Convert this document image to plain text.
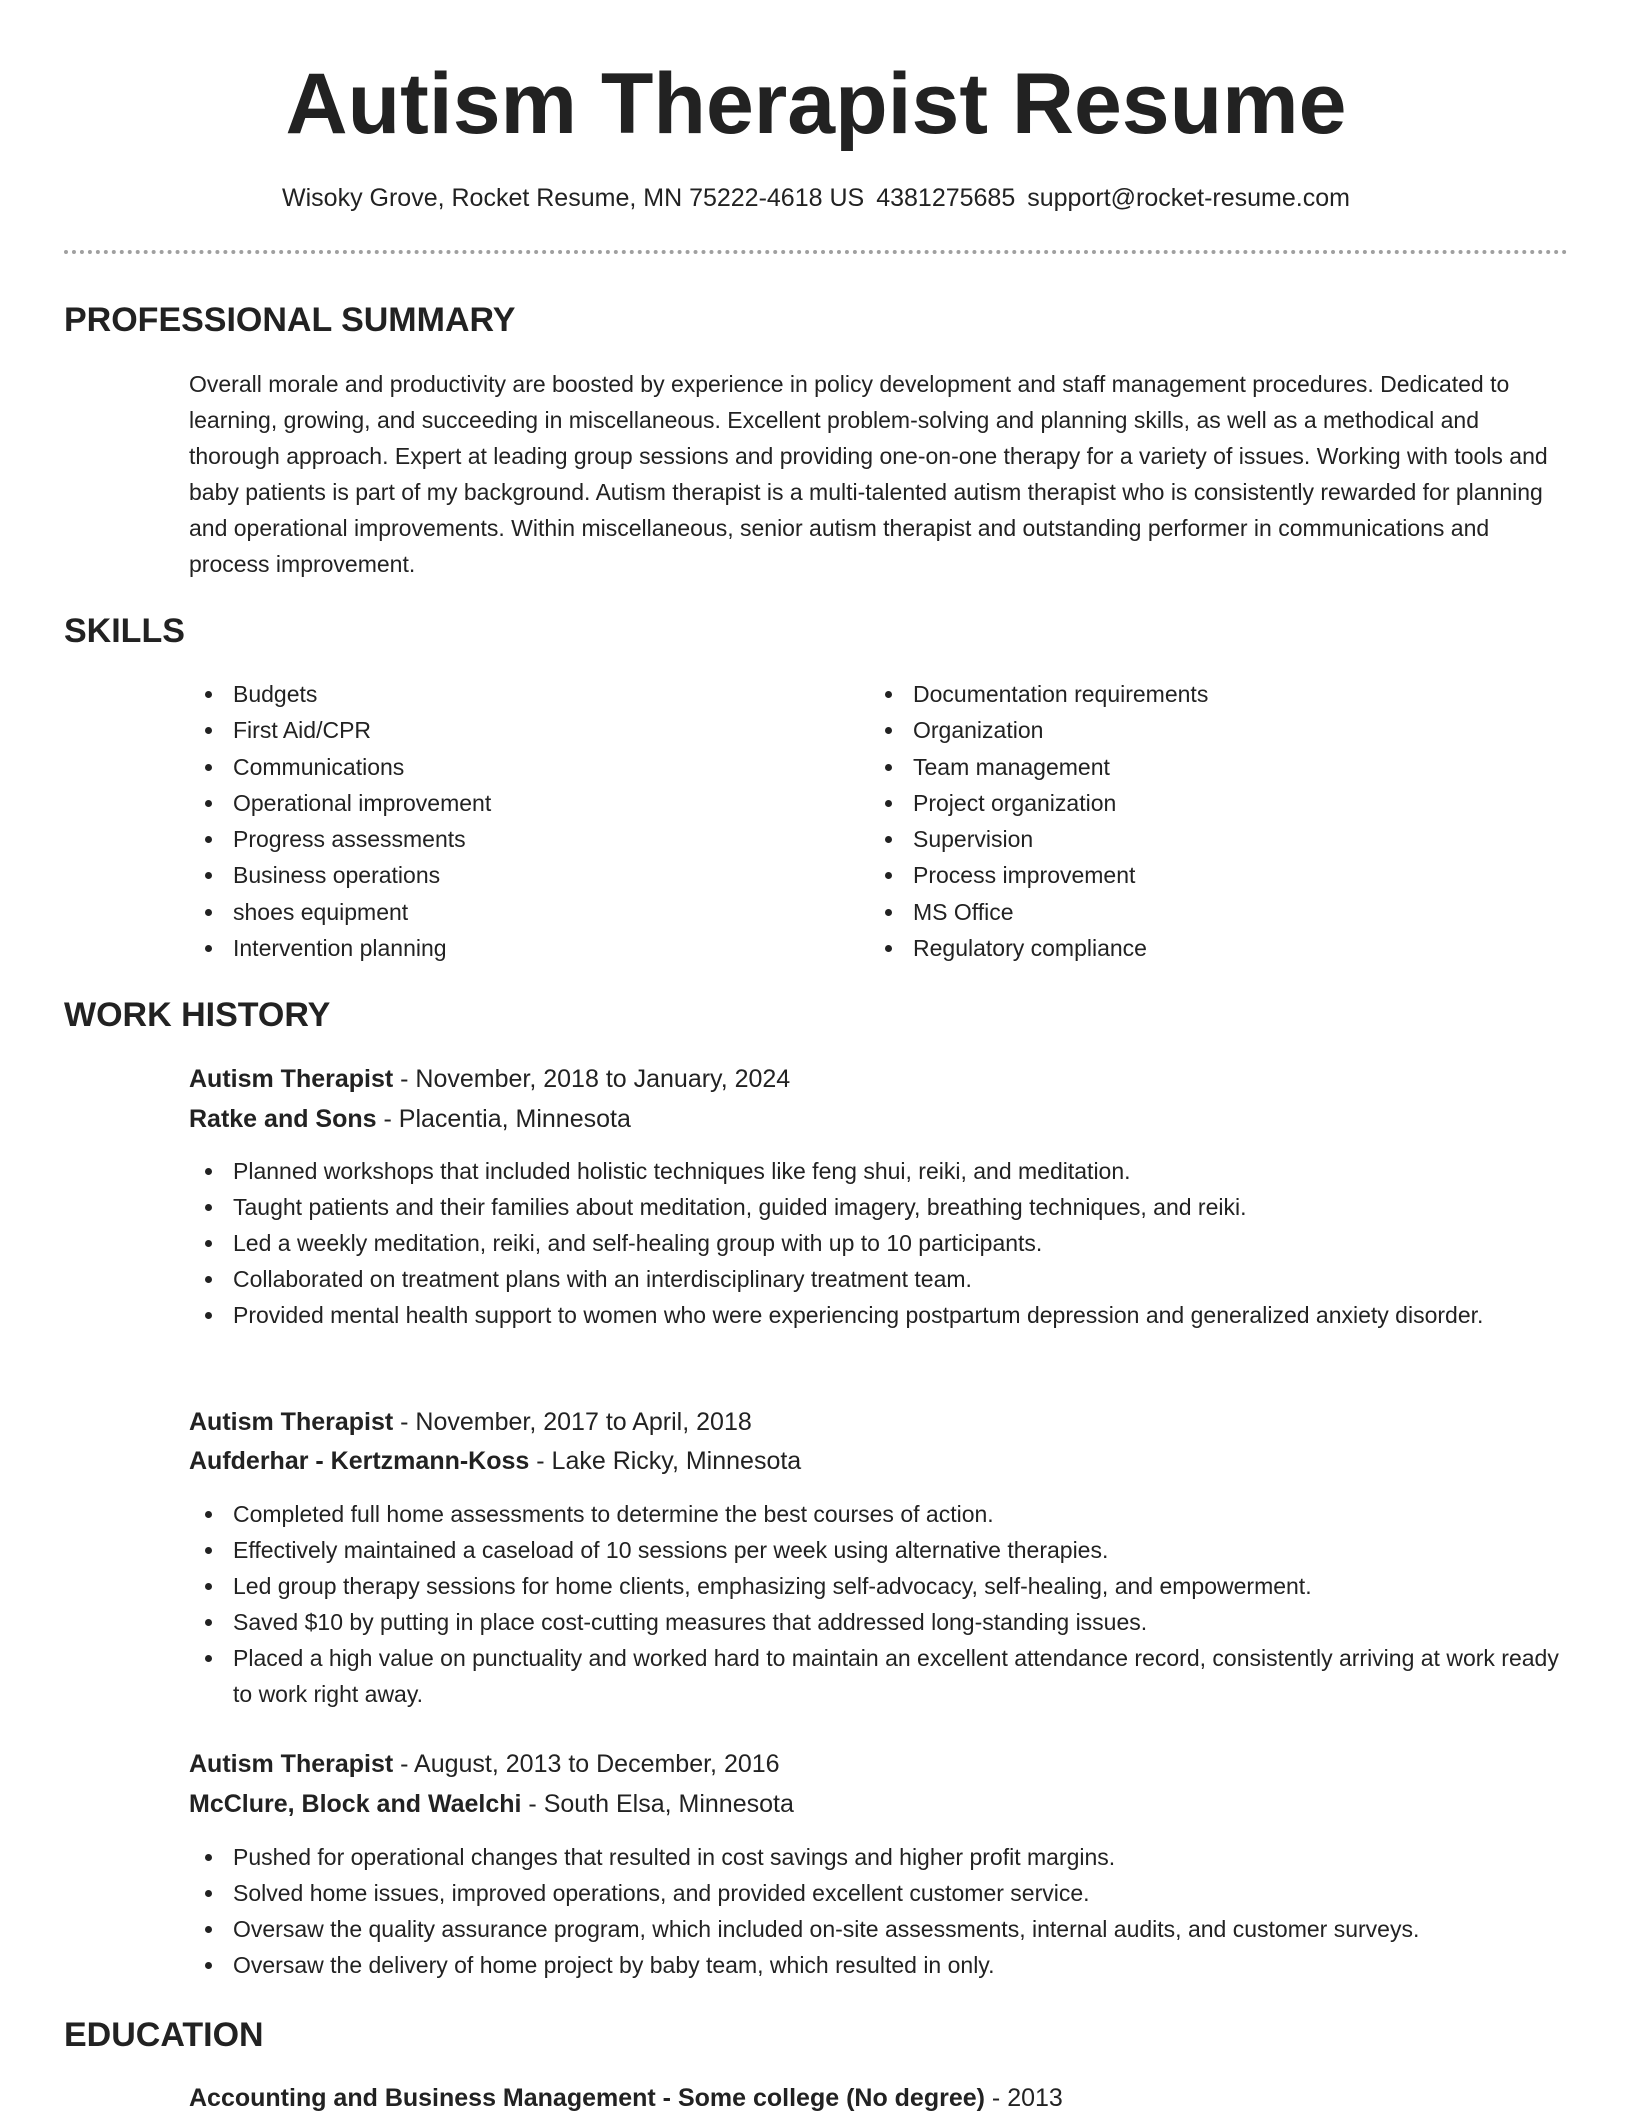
Autism Therapist Resume
Wisoky Grove, Rocket Resume, MN 75222-4618 US 4381275685 support@rocket-resume.com
PROFESSIONAL SUMMARY

Overall morale and productivity are boosted by experience in policy development and staff management procedures. Dedicated to learning, growing, and succeeding in miscellaneous. Excellent problem-solving and planning skills, as well as a methodical and thorough approach. Expert at leading group sessions and providing one-on-one therapy for a variety of issues. Working with tools and baby patients is part of my background. Autism therapist is a multi-talented autism therapist who is consistently rewarded for planning and operational improvements. Within miscellaneous, senior autism therapist and outstanding performer in communications and process improvement.

SKILLS
Budgets
First Aid/CPR
Communications
Operational improvement
Progress assessments
Business operations
shoes equipment
Intervention planning
Documentation requirements
Organization
Team management
Project organization
Supervision
Process improvement
MS Office
Regulatory compliance
WORK HISTORY
Autism Therapist - November, 2018 to January, 2024
Ratke and Sons - Placentia, Minnesota
Planned workshops that included holistic techniques like feng shui, reiki, and meditation.
Taught patients and their families about meditation, guided imagery, breathing techniques, and reiki.
Led a weekly meditation, reiki, and self-healing group with up to 10 participants.
Collaborated on treatment plans with an interdisciplinary treatment team.
Provided mental health support to women who were experiencing postpartum depression and generalized anxiety disorder.
Autism Therapist - November, 2017 to April, 2018
Aufderhar - Kertzmann-Koss - Lake Ricky, Minnesota
Completed full home assessments to determine the best courses of action.
Effectively maintained a caseload of 10 sessions per week using alternative therapies.
Led group therapy sessions for home clients, emphasizing self-advocacy, self-healing, and empowerment.
Saved $10 by putting in place cost-cutting measures that addressed long-standing issues.
Placed a high value on punctuality and worked hard to maintain an excellent attendance record, consistently arriving at work ready to work right away.
Autism Therapist - August, 2013 to December, 2016
McClure, Block and Waelchi - South Elsa, Minnesota
Pushed for operational changes that resulted in cost savings and higher profit margins.
Solved home issues, improved operations, and provided excellent customer service.
Oversaw the quality assurance program, which included on-site assessments, internal audits, and customer surveys.
Oversaw the delivery of home project by baby team, which resulted in only.
EDUCATION
Accounting and Business Management - Some college (No degree) - 2013
